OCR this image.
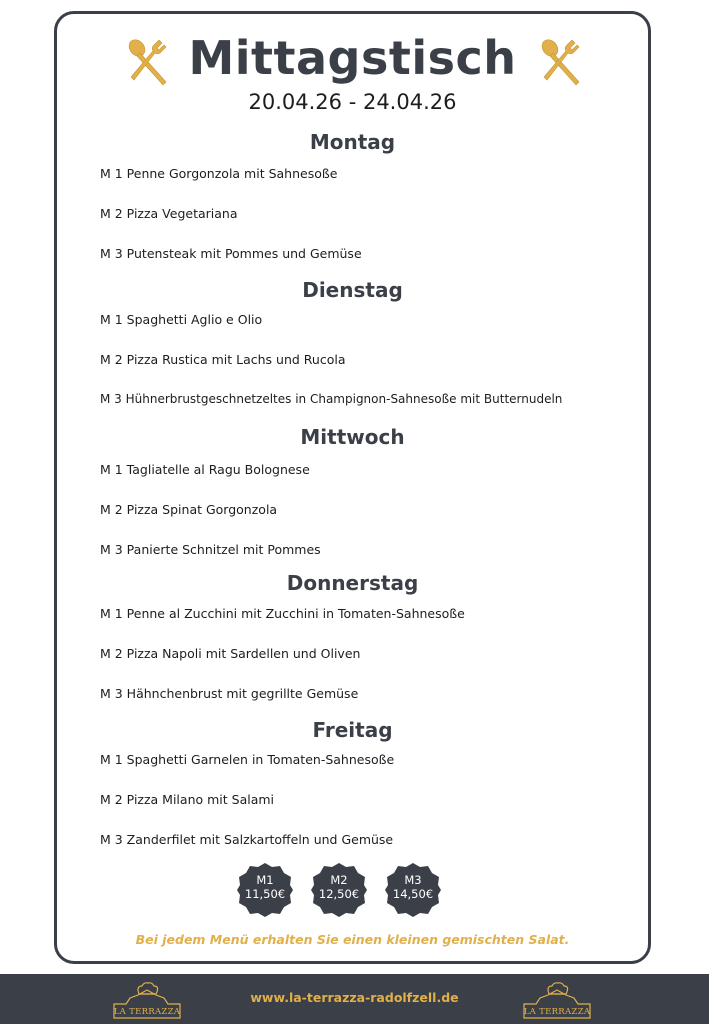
Mittagstisch
20.04.26 - 24.04.26
Montag
M 1 Penne Gorgonzola mit Sahnesoße
M 2 Pizza Vegetariana
M 3 Putensteak mit Pommes und Gemüse
Dienstag
M 1 Spaghetti Aglio e Olio
M 2 Pizza Rustica mit Lachs und Rucola
M 3 Hühnerbrustgeschnetzeltes in Champignon-Sahnesoße mit Butternudeln
Mittwoch
M 1 Tagliatelle al Ragu Bolognese
M 2 Pizza Spinat Gorgonzola
M 3 Panierte Schnitzel mit Pommes
Donnerstag
M 1 Penne al Zucchini mit Zucchini in Tomaten-Sahnesoße
M 2 Pizza Napoli mit Sardellen und Oliven
M 3 Hähnchenbrust mit gegrillte Gemüse
Freitag
M 1 Spaghetti Garnelen in Tomaten-Sahnesoße
M 2 Pizza Milano mit Salami
M 3 Zanderfilet mit Salzkartoffeln und Gemüse
M1
11,50€
M2
12,50€
M3
14,50€
Bei jedem Menü erhalten Sie einen kleinen gemischten Salat.
LA TERRAZZA
www.la-terrazza-radolfzell.de
LA TERRAZZA
